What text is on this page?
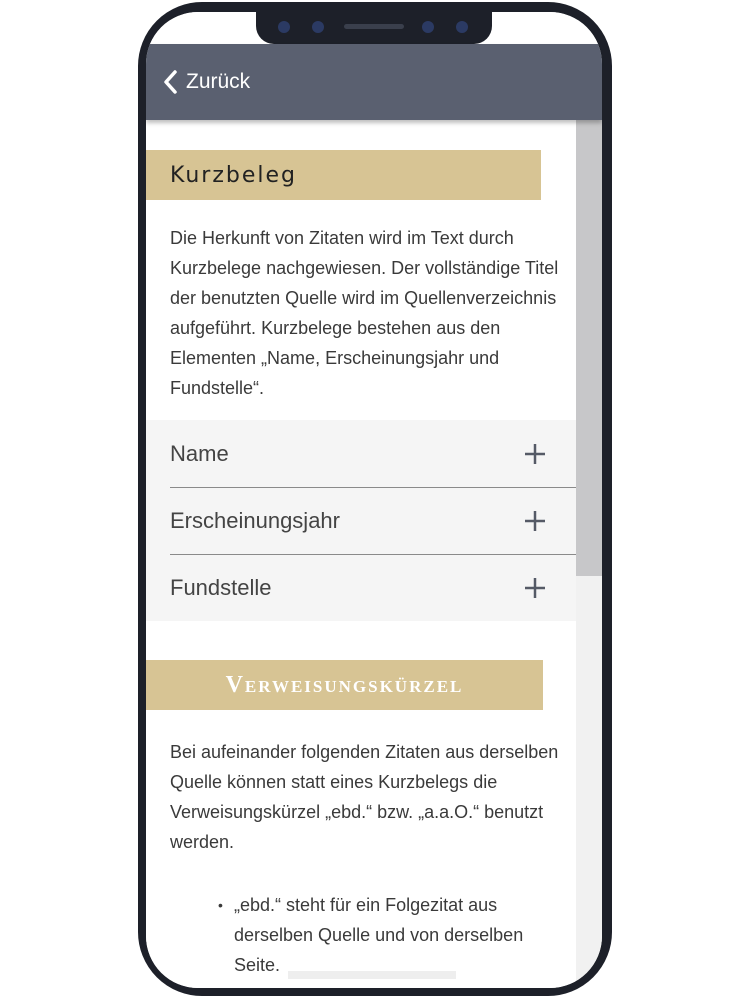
Zurück
Kurzbeleg

Die Herkunft von Zitaten wird im Text durch Kurzbelege nachgewiesen. Der vollständige Titel der benutzten Quelle wird im Quellenverzeichnis aufgeführt. Kurzbelege bestehen aus den Elementen „Name, Erscheinungsjahr und Fundstelle“.

Name
Erscheinungsjahr
Fundstelle
Verweisungskürzel

Bei aufeinander folgenden Zitaten aus derselben Quelle können statt eines Kurzbelegs die Verweisungskürzel „ebd.“ bzw. „a.a.O.“ benutzt werden.

• „ebd.“ steht für ein Folgezitat aus derselben Quelle und von derselben Seite.
